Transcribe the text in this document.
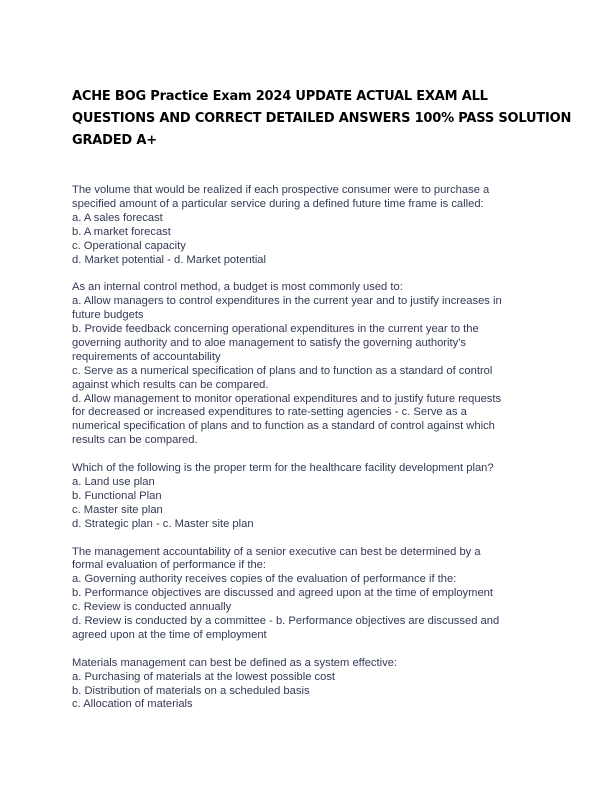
ACHE BOG Practice Exam 2024 UPDATE ACTUAL EXAM ALL
QUESTIONS AND CORRECT DETAILED ANSWERS 100% PASS SOLUTION
GRADED A+
The volume that would be realized if each prospective consumer were to purchase a
specified amount of a particular service during a defined future time frame is called:
a. A sales forecast
b. A market forecast
c. Operational capacity
d. Market potential - d. Market potential
As an internal control method, a budget is most commonly used to:
a. Allow managers to control expenditures in the current year and to justify increases in
future budgets
b. Provide feedback concerning operational expenditures in the current year to the
governing authority and to aloe management to satisfy the governing authority's
requirements of accountability
c. Serve as a numerical specification of plans and to function as a standard of control
against which results can be compared.
d. Allow management to monitor operational expenditures and to justify future requests
for decreased or increased expenditures to rate-setting agencies - c. Serve as a
numerical specification of plans and to function as a standard of control against which
results can be compared.
Which of the following is the proper term for the healthcare facility development plan?
a. Land use plan
b. Functional Plan
c. Master site plan
d. Strategic plan - c. Master site plan
The management accountability of a senior executive can best be determined by a
formal evaluation of performance if the:
a. Governing authority receives copies of the evaluation of performance if the:
b. Performance objectives are discussed and agreed upon at the time of employment
c. Review is conducted annually
d. Review is conducted by a committee - b. Performance objectives are discussed and
agreed upon at the time of employment
Materials management can best be defined as a system effective:
a. Purchasing of materials at the lowest possible cost
b. Distribution of materials on a scheduled basis
c. Allocation of materials
